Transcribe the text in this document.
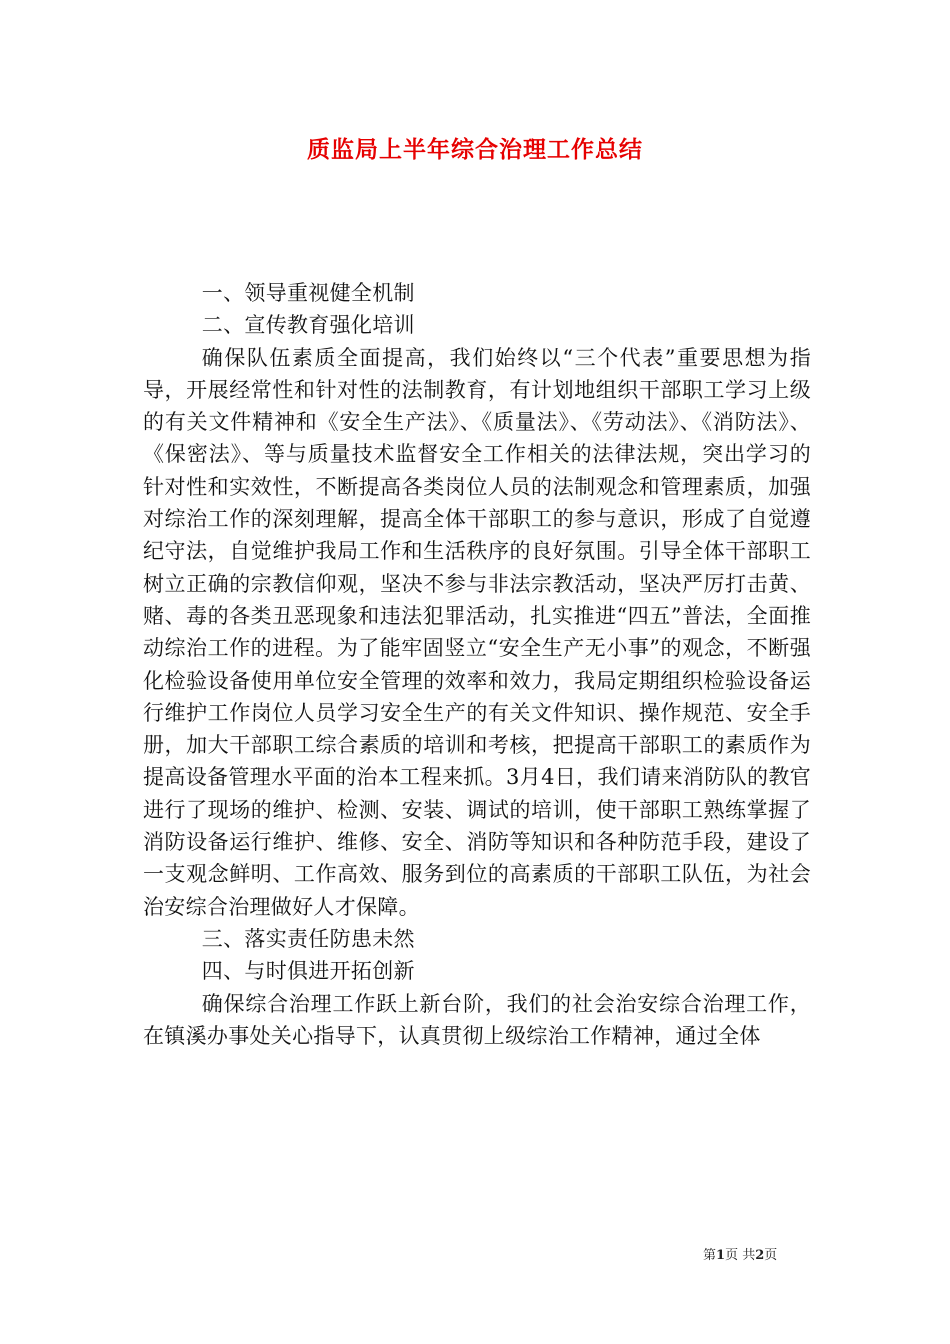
质监局上半年综合治理工作总结

一、领导重视健全机制

二、宣传教育强化培训

确保队伍素质全面提高，我们始终以“三个代表”重要思想为指导，开展经常性和针对性的法制教育，有计划地组织干部职工学习上级的有关文件精神和《安全生产法》、《质量法》、《劳动法》、《消防法》、《保密法》、等与质量技术监督安全工作相关的法律法规，突出学习的针对性和实效性，不断提高各类岗位人员的法制观念和管理素质，加强对综治工作的深刻理解，提高全体干部职工的参与意识，形成了自觉遵纪守法，自觉维护我局工作和生活秩序的良好氛围。引导全体干部职工树立正确的宗教信仰观，坚决不参与非法宗教活动，坚决严厉打击黄、赌、毒的各类丑恶现象和违法犯罪活动，扎实推进“四五”普法，全面推动综治工作的进程。为了能牢固竖立“安全生产无小事”的观念，不断强化检验设备使用单位安全管理的效率和效力，我局定期组织检验设备运行维护工作岗位人员学习安全生产的有关文件知识、操作规范、安全手册，加大干部职工综合素质的培训和考核，把提高干部职工的素质作为提高设备管理水平面的治本工程来抓。3月4日，我们请来消防队的教官进行了现场的维护、检测、安装、调试的培训，使干部职工熟练掌握了消防设备运行维护、维修、安全、消防等知识和各种防范手段，建设了一支观念鲜明、工作高效、服务到位的高素质的干部职工队伍，为社会治安综合治理做好人才保障。

三、落实责任防患未然

四、与时俱进开拓创新

确保综合治理工作跃上新台阶，我们的社会治安综合治理工作，在镇溪办事处关心指导下，认真贯彻上级综治工作精神，通过全体

第1页 共2页
